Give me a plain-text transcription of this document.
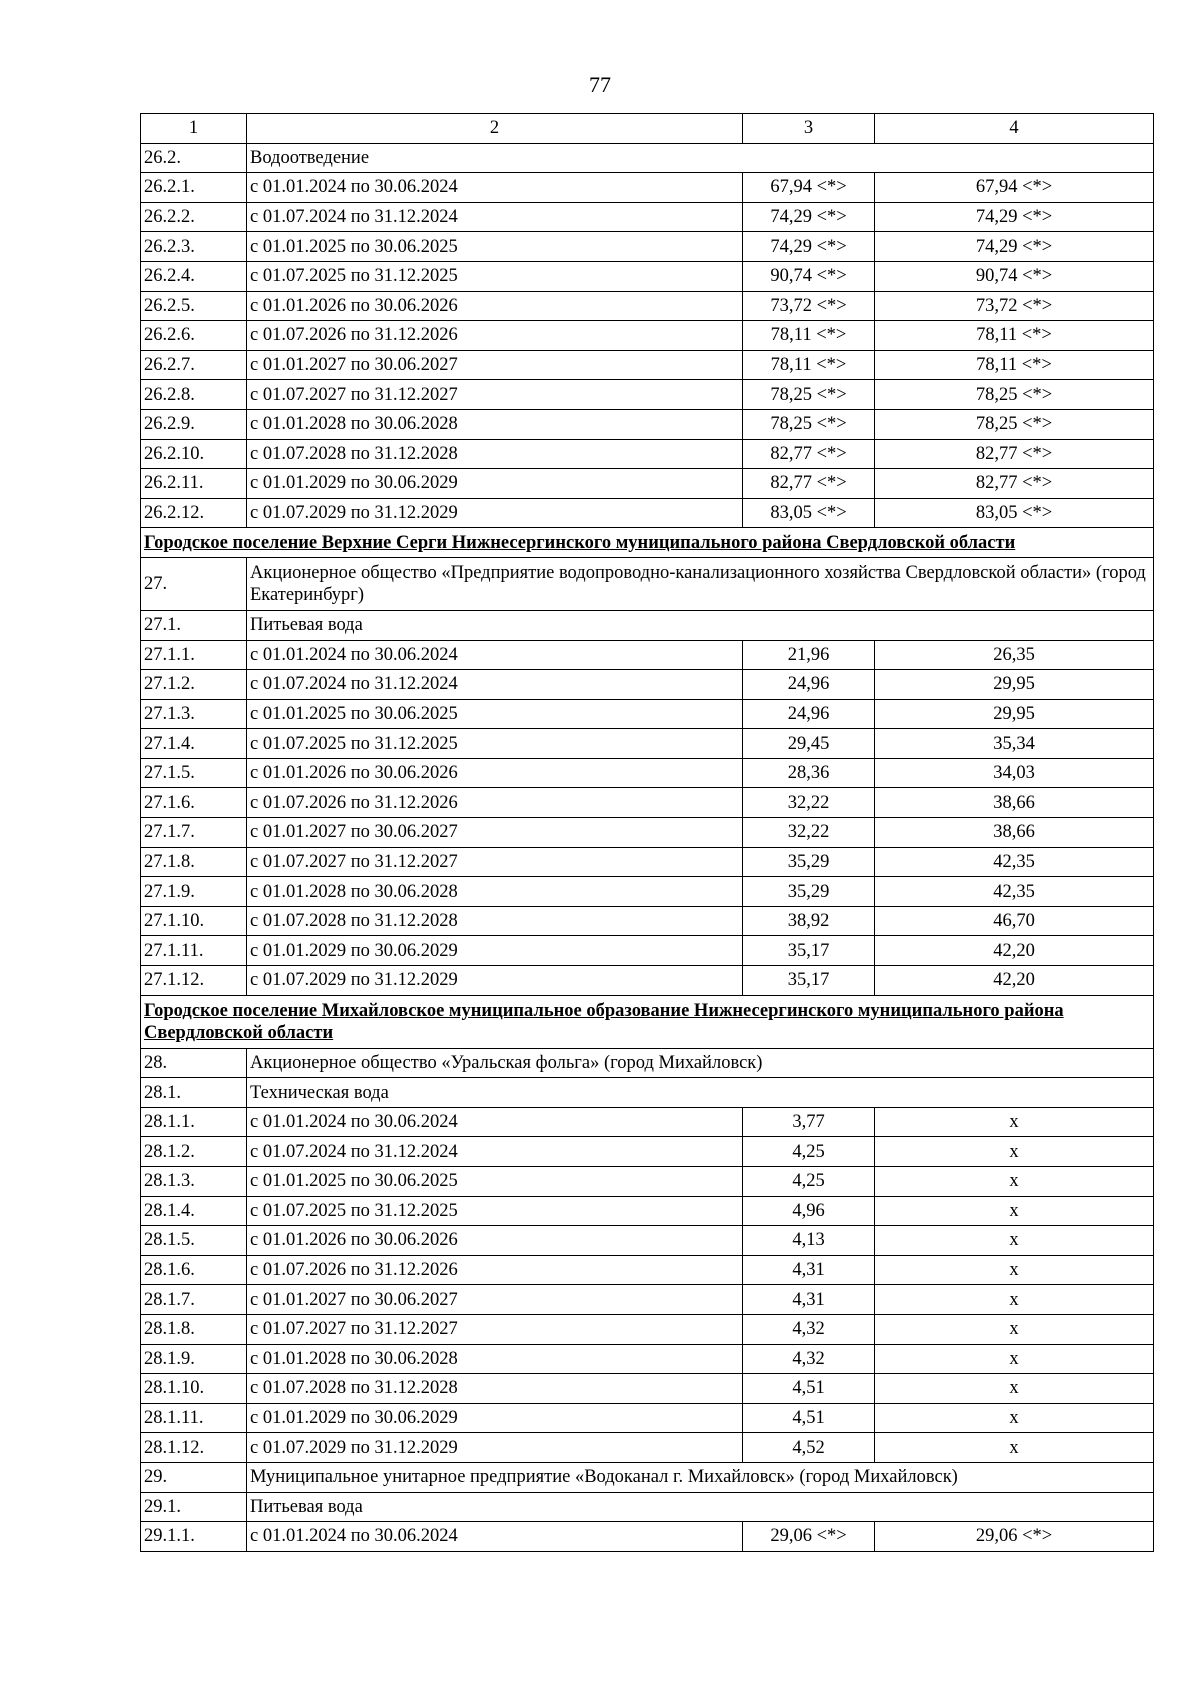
77
1	2	3	4
26.2.	Водоотведение		
26.2.1.	с 01.01.2024 по 30.06.2024	67,94 <*>	67,94 <*>
26.2.2.	с 01.07.2024 по 31.12.2024	74,29 <*>	74,29 <*>
26.2.3.	с 01.01.2025 по 30.06.2025	74,29 <*>	74,29 <*>
26.2.4.	с 01.07.2025 по 31.12.2025	90,74 <*>	90,74 <*>
26.2.5.	с 01.01.2026 по 30.06.2026	73,72 <*>	73,72 <*>
26.2.6.	с 01.07.2026 по 31.12.2026	78,11 <*>	78,11 <*>
26.2.7.	с 01.01.2027 по 30.06.2027	78,11 <*>	78,11 <*>
26.2.8.	с 01.07.2027 по 31.12.2027	78,25 <*>	78,25 <*>
26.2.9.	с 01.01.2028 по 30.06.2028	78,25 <*>	78,25 <*>
26.2.10.	с 01.07.2028 по 31.12.2028	82,77 <*>	82,77 <*>
26.2.11.	с 01.01.2029 по 30.06.2029	82,77 <*>	82,77 <*>
26.2.12.	с 01.07.2029 по 31.12.2029	83,05 <*>	83,05 <*>
Городское поселение Верхние Серги Нижнесергинского муниципального района Свердловской области			
27.	Акционерное общество «Предприятие водопроводно-канализационного хозяйства Свердловской области» (город Екатеринбург)		
27.1.	Питьевая вода		
27.1.1.	с 01.01.2024 по 30.06.2024	21,96	26,35
27.1.2.	с 01.07.2024 по 31.12.2024	24,96	29,95
27.1.3.	с 01.01.2025 по 30.06.2025	24,96	29,95
27.1.4.	с 01.07.2025 по 31.12.2025	29,45	35,34
27.1.5.	с 01.01.2026 по 30.06.2026	28,36	34,03
27.1.6.	с 01.07.2026 по 31.12.2026	32,22	38,66
27.1.7.	с 01.01.2027 по 30.06.2027	32,22	38,66
27.1.8.	с 01.07.2027 по 31.12.2027	35,29	42,35
27.1.9.	с 01.01.2028 по 30.06.2028	35,29	42,35
27.1.10.	с 01.07.2028 по 31.12.2028	38,92	46,70
27.1.11.	с 01.01.2029 по 30.06.2029	35,17	42,20
27.1.12.	с 01.07.2029 по 31.12.2029	35,17	42,20
Городское поселение Михайловское муниципальное образование Нижнесергинского муниципального района Свердловской области			
28.	Акционерное общество «Уральская фольга» (город Михайловск)		
28.1.	Техническая вода		
28.1.1.	с 01.01.2024 по 30.06.2024	3,77	x
28.1.2.	с 01.07.2024 по 31.12.2024	4,25	x
28.1.3.	с 01.01.2025 по 30.06.2025	4,25	x
28.1.4.	с 01.07.2025 по 31.12.2025	4,96	x
28.1.5.	с 01.01.2026 по 30.06.2026	4,13	x
28.1.6.	с 01.07.2026 по 31.12.2026	4,31	x
28.1.7.	с 01.01.2027 по 30.06.2027	4,31	x
28.1.8.	с 01.07.2027 по 31.12.2027	4,32	x
28.1.9.	с 01.01.2028 по 30.06.2028	4,32	x
28.1.10.	с 01.07.2028 по 31.12.2028	4,51	x
28.1.11.	с 01.01.2029 по 30.06.2029	4,51	x
28.1.12.	с 01.07.2029 по 31.12.2029	4,52	x
29.	Муниципальное унитарное предприятие «Водоканал г. Михайловск» (город Михайловск)		
29.1.	Питьевая вода		
29.1.1.	с 01.01.2024 по 30.06.2024	29,06 <*>	29,06 <*>
